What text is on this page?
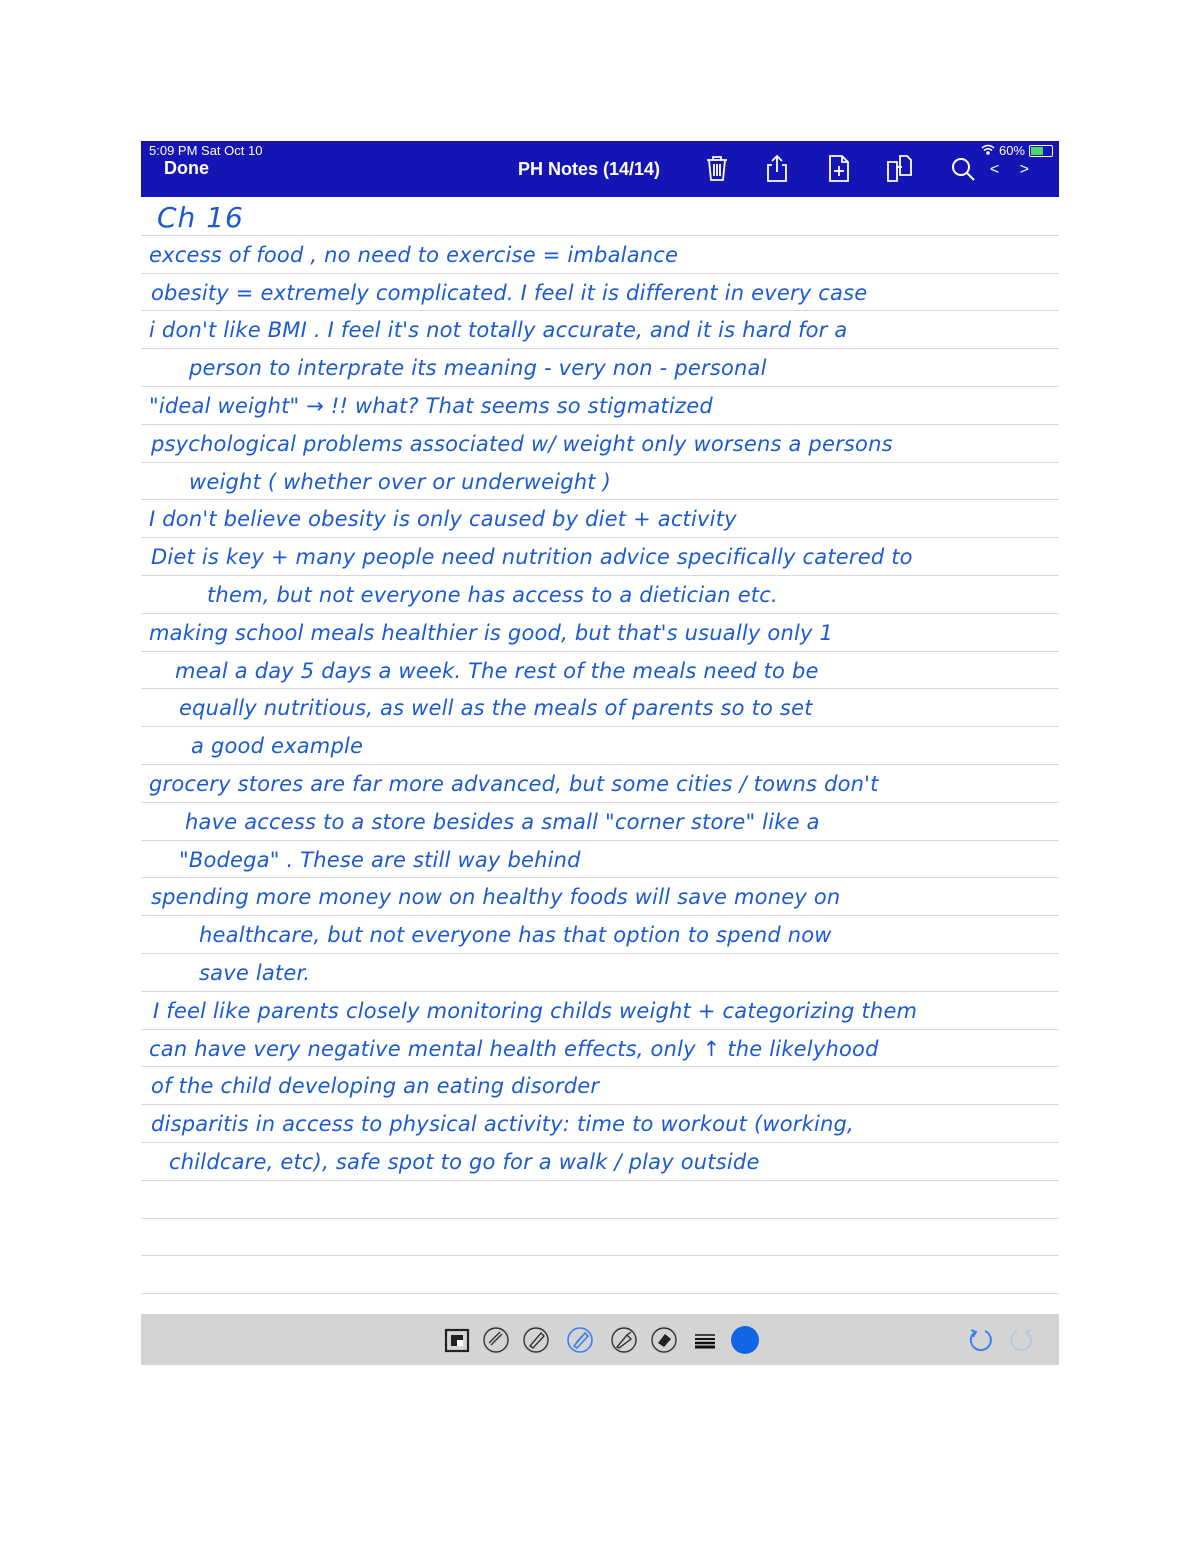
5:09 PM Sat Oct 10
Done	PH Notes (14/14)
60%
< >
Ch 16
excess of food , no need to exercise = imbalance
obesity = extremely complicated. I feel it is different in every case
i don't like BMI . I feel it's not totally accurate, and it is hard for a
person to interprate its meaning - very non - personal
"ideal weight" → !! what? That seems so stigmatized
psychological problems associated w/ weight only worsens a persons
weight ( whether over or underweight )
I don't believe obesity is only caused by diet + activity
Diet is key + many people need nutrition advice specifically catered to
them, but not everyone has access to a dietician etc.
making school meals healthier is good, but that's usually only 1
meal a day 5 days a week. The rest of the meals need to be
equally nutritious, as well as the meals of parents so to set
a good example
grocery stores are far more advanced, but some cities / towns don't
have access to a store besides a small "corner store" like a
"Bodega" . These are still way behind
spending more money now on healthy foods will save money on
healthcare, but not everyone has that option to spend now
save later.
I feel like parents closely monitoring childs weight + categorizing them
can have very negative mental health effects, only ↑ the likelyhood
of the child developing an eating disorder
disparitis in access to physical activity: time to workout (working,
childcare, etc), safe spot to go for a walk / play outside
